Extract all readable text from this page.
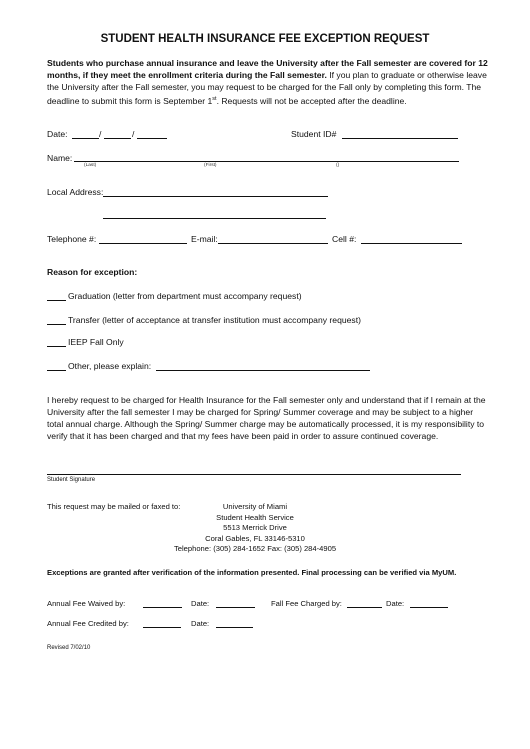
STUDENT HEALTH INSURANCE FEE EXCEPTION REQUEST
Students who purchase annual insurance and leave the University after the Fall semester are covered for 12 months, if they meet the enrollment criteria during the Fall semester. If you plan to graduate or otherwise leave the University after the Fall semester, you may request to be charged for the Fall only by completing this form. The deadline to submit this form is September 1st. Requests will not be accepted after the deadline.
Date:	/	/	Student ID#
Name:
(Last)	(First)	()
Local Address:
Telephone #:	E-mail:	Cell #:
Reason for exception:
Graduation (letter from department must accompany request)
Transfer (letter of acceptance at transfer institution must accompany request)
IEEP Fall Only
Other, please explain:
I hereby request to be charged for Health Insurance for the Fall semester only and understand that if I remain at the University after the fall semester I may be charged for Spring/ Summer coverage and may be subject to a higher total annual charge. Although the Spring/ Summer charge may be automatically processed, it is my responsibility to verify that it has been charged and that my fees have been paid in order to assure continued coverage.
Student Signature
This request may be mailed or faxed to:	University of Miami
Student Health Service
5513 Merrick Drive
Coral Gables, FL 33146-5310
Telephone: (305) 284-1652 Fax: (305) 284-4905
Exceptions are granted after verification of the information presented. Final processing can be verified via MyUM.
Annual Fee Waived by:	Date:	Fall Fee Charged by:	Date:
Annual Fee Credited by:	Date:
Revised 7/02/10
